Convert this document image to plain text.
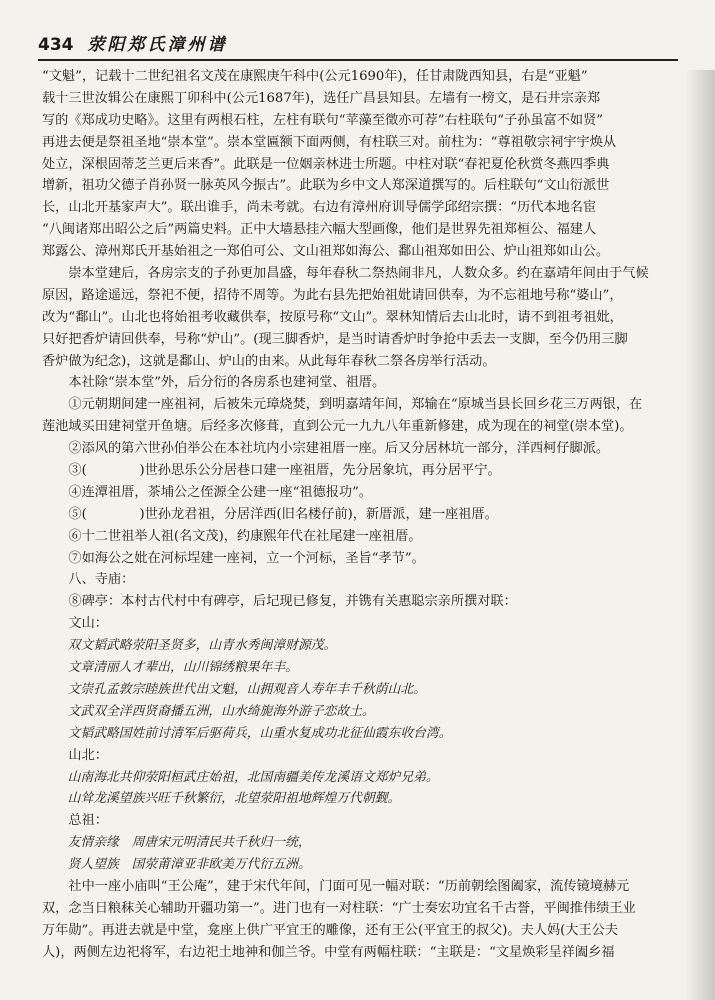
434 荥阳郑氏漳州谱
“文魁”，记载十二世纪祖名文茂在康熙庚午科中(公元1690年)，任甘肃陇西知县，右是“亚魁”
载十三世汝辑公在康熙丁卯科中(公元1687年)，选任广昌县知县。左墙有一榜文，是石井宗亲郑
写的《郑成功史略》。这里有两根石柱，左柱有联句“苹藻至徵亦可荐”右柱联句“子孙虽富不如贤”
再进去便是祭祖圣地“崇本堂”。崇本堂匾额下面两侧，有柱联三对。前柱为：“尊祖敬宗祠宇宇焕从
处立，深根固蒂芝兰更后来香”。此联是一位姻亲林进士所题。中柱对联“春祀夏伦秋赏冬燕四季典
增新，祖功父德子肖孙贤一脉英风今振古”。此联为乡中文人郑深道撰写的。后柱联句“文山衍派世
长，山北开基家声大”。联出谁手，尚未考就。右边有漳州府训导儒学邱绍宗撰：“历代本地名宦
“八闽诸郑出昭公之后”两篇史料。正中大墙悬挂六幅大型画像，他们是世界先祖郑桓公、福建人
郑露公、漳州郑氏开基始祖之一郑伯可公、文山祖郑如海公、鄱山祖郑如田公、炉山祖郑如山公。
崇本堂建后，各房宗支的子孙更加昌盛，每年春秋二祭热闹非凡，人数众多。约在嘉靖年间由于气候
原因，路途遥远，祭祀不便，招待不周等。为此右县先把始祖妣请回供奉，为不忘祖地号称“婆山”，
改为“鄱山”。山北也将始祖考收藏供奉，按原号称“文山”。翠林知情后去山北时，请不到祖考祖妣，
只好把香炉请回供奉，号称“炉山”。(现三脚香炉，是当时请香炉时争抢中丢去一支脚，至今仍用三脚
香炉做为纪念)，这就是鄱山、炉山的由来。从此每年春秋二祭各房举行活动。
本社除“崇本堂”外，后分衍的各房系也建祠堂、祖厝。
①元朝期间建一座祖祠，后被朱元璋烧焚，到明嘉靖年间，郑输在“原城当县长回乡花三万两银，在
莲池域买田建祠堂开鱼塘。后经多次修葺，直到公元一九九八年重新修建，成为现在的祠堂(崇本堂)。
②添风的第六世孙伯举公在本社坑内小宗建祖厝一座。后又分居林坑一部分，洋西柯仔脚派。
③(　　　　)世孙思乐公分居巷口建一座祖厝，先分居象坑，再分居平宁。
④连潭祖厝，茶埔公之侄源全公建一座“祖德报功”。
⑤(　　　　)世孙龙君祖，分居洋西(旧名楼仔前)，新厝派，建一座祖厝。
⑥十二世祖举人祖(名文茂)，约康熙年代在社尾建一座祖厝。
⑦如海公之妣在河标埕建一座祠，立一个河标，圣旨“孝节”。
八、寺庙：
⑧碑亭：本村古代村中有碑亭，后圮现已修复，并镌有关惠聪宗亲所撰对联：
文山：
双文韬武略荥阳圣贤多，山青水秀闽漳财源茂。
文章清丽人才辈出，山川锦绣粮果年丰。
文崇孔孟敦宗睦族世代出文魁，山拥观音人寿年丰千秋荫山北。
文武双全洋西贤裔播五洲，山水绮旎海外游子恋故土。
文韬武略国姓前讨清军后驱荷兵，山重水复成功北征仙霞东收台湾。
山北：
山南海北共仰荥阳桓武庄始祖，北国南疆美传龙溪语文郑炉兄弟。
山耸龙溪望族兴旺千秋繁衍，北望荥阳祖地辉煌万代朝觐。
总祖：
友情亲缘　周唐宋元明清民共千秋归一统，
贤人望族　国荥莆漳亚非欧美万代衍五洲。
社中一座小庙叫“王公庵”，建于宋代年间，门面可见一幅对联：“历前朝绘图阖家，流传镜境赫元
双，念当日粮秣关心辅助开疆功第一”。进门也有一对柱联：“广士奏宏功宜名千古誉，平闽推伟绩王业
万年勋”。再进去就是中堂，龛座上供广平宜王的雕像，还有王公(平宜王的叔父)。夫人妈(大王公夫
人)，两侧左边祀将军，右边祀土地神和伽兰爷。中堂有两幅柱联：“主联是：“文星焕彩呈祥阖乡福
